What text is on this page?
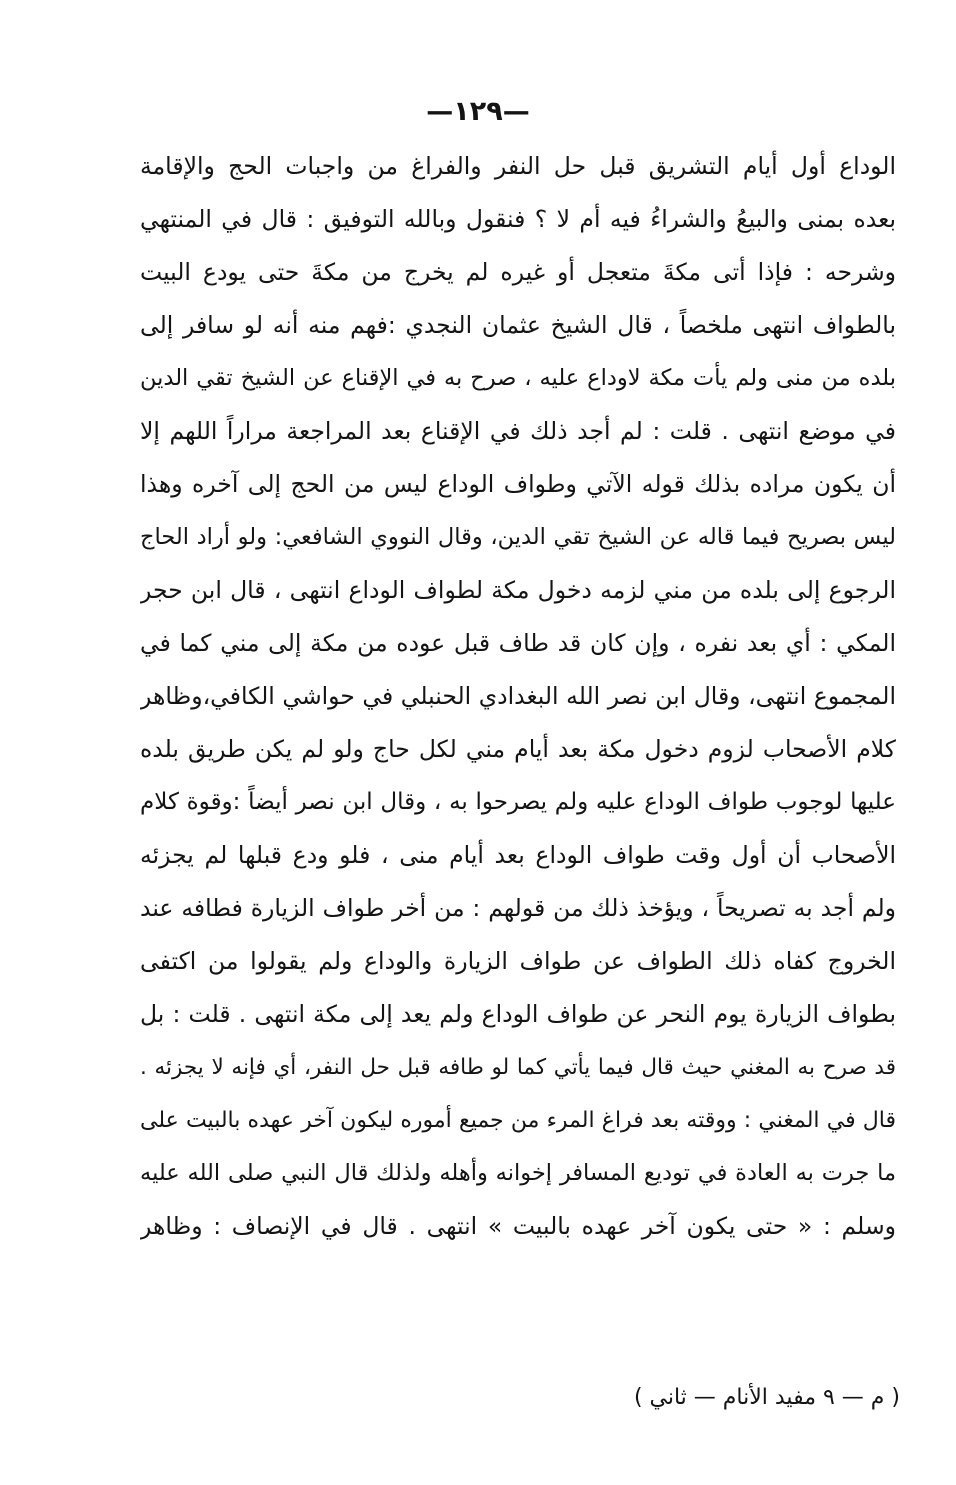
—١٢٩—
الوداع أول أيام التشريق قبل حل النفر والفراغ من واجبات الحج والإقامة
بعده بمنى والبيعُ والشراءُ فيه أم لا ؟ فنقول وبالله التوفيق : قال في المنتهي
وشرحه : فإذا أتى مكةَ متعجل أو غيره لم يخرج من مكةَ حتى يودع البيت
بالطواف انتهى ملخصاً ، قال الشيخ عثمان النجدي :فهم منه أنه لو سافر إلى
بلده من منى ولم يأت مكة لاوداع عليه ، صرح به في الإقناع عن الشيخ تقي الدين
في موضع انتهى . قلت : لم أجد ذلك في الإقناع بعد المراجعة مراراً اللهم إلا
أن يكون مراده بذلك قوله الآتي وطواف الوداع ليس من الحج إلى آخره وهذا
ليس بصريح فيما قاله عن الشيخ تقي الدين، وقال النووي الشافعي: ولو أراد الحاج
الرجوع إلى بلده من مني لزمه دخول مكة لطواف الوداع انتهى ، قال ابن حجر
المكي : أي بعد نفره ، وإن كان قد طاف قبل عوده من مكة إلى مني كما في
المجموع انتهى، وقال ابن نصر الله البغدادي الحنبلي في حواشي الكافي،وظاهر
كلام الأصحاب لزوم دخول مكة بعد أيام مني لكل حاج ولو لم يكن طريق بلده
عليها لوجوب طواف الوداع عليه ولم يصرحوا به ، وقال ابن نصر أيضاً :وقوة كلام
الأصحاب أن أول وقت طواف الوداع بعد أيام منى ، فلو ودع قبلها لم يجزئه
ولم أجد به تصريحاً ، ويؤخذ ذلك من قولهم : من أخر طواف الزيارة فطافه عند
الخروج كفاه ذلك الطواف عن طواف الزيارة والوداع ولم يقولوا من اكتفى
بطواف الزيارة يوم النحر عن طواف الوداع ولم يعد إلى مكة انتهى . قلت : بل
قد صرح به المغني حيث قال فيما يأتي كما لو طافه قبل حل النفر، أي فإنه لا يجزئه .
قال في المغني : ووقته بعد فراغ المرء من جميع أموره ليكون آخر عهده بالبيت على
ما جرت به العادة في توديع المسافر إخوانه وأهله ولذلك قال النبي صلى الله عليه
وسلم : « حتى يكون آخر عهده بالبيت » انتهى . قال في الإنصاف : وظاهر
( م — ٩ مفيد الأنام — ثاني )
